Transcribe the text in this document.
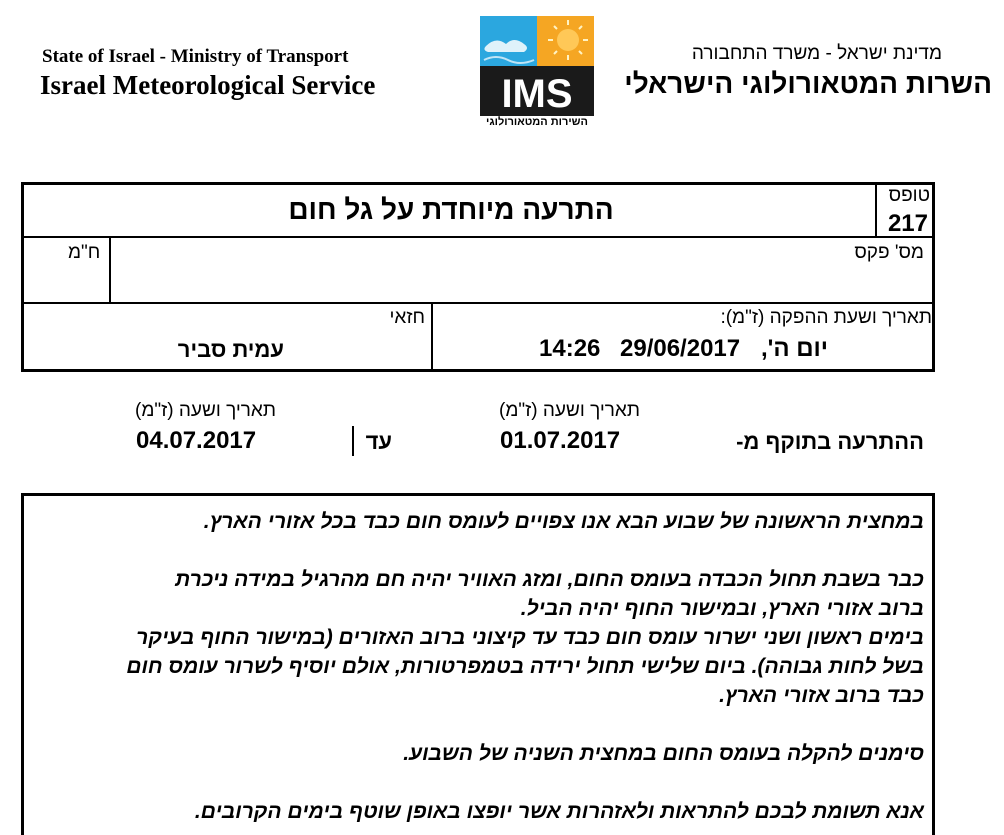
State of Israel - Ministry of Transport
Israel Meteorological Service
מדינת ישראל - משרד התחבורה
השרות המטאורולוגי הישראלי
IMS
השירות המטאורולוגי
טופס
217
התרעה מיוחדת על גל חום
מס' פקס
ח"מ
תאריך ושעת ההפקה (ז"מ):
יום ה',
29/06/2017
14:26
חזאי
עמית סביר
תאריך ושעה (ז"מ)
01.07.2017	ההתרעה בתוקף מ-
עד
תאריך ושעה (ז"מ)
04.07.2017
במחצית הראשונה של שבוע הבא אנו צפויים לעומס חום כבד בכל אזורי הארץ.
כבר בשבת תחול הכבדה בעומס החום, ומזג האוויר יהיה חם מהרגיל במידה ניכרת
ברוב אזורי הארץ, ובמישור החוף יהיה הביל.
בימים ראשון ושני ישרור עומס חום כבד עד קיצוני ברוב האזורים (במישור החוף בעיקר
בשל לחות גבוהה). ביום שלישי תחול ירידה בטמפרטורות, אולם יוסיף לשרור עומס חום
כבד ברוב אזורי הארץ.
סימנים להקלה בעומס החום במחצית השניה של השבוע.
אנא תשומת לבכם להתראות ולאזהרות אשר יופצו באופן שוטף בימים הקרובים.
